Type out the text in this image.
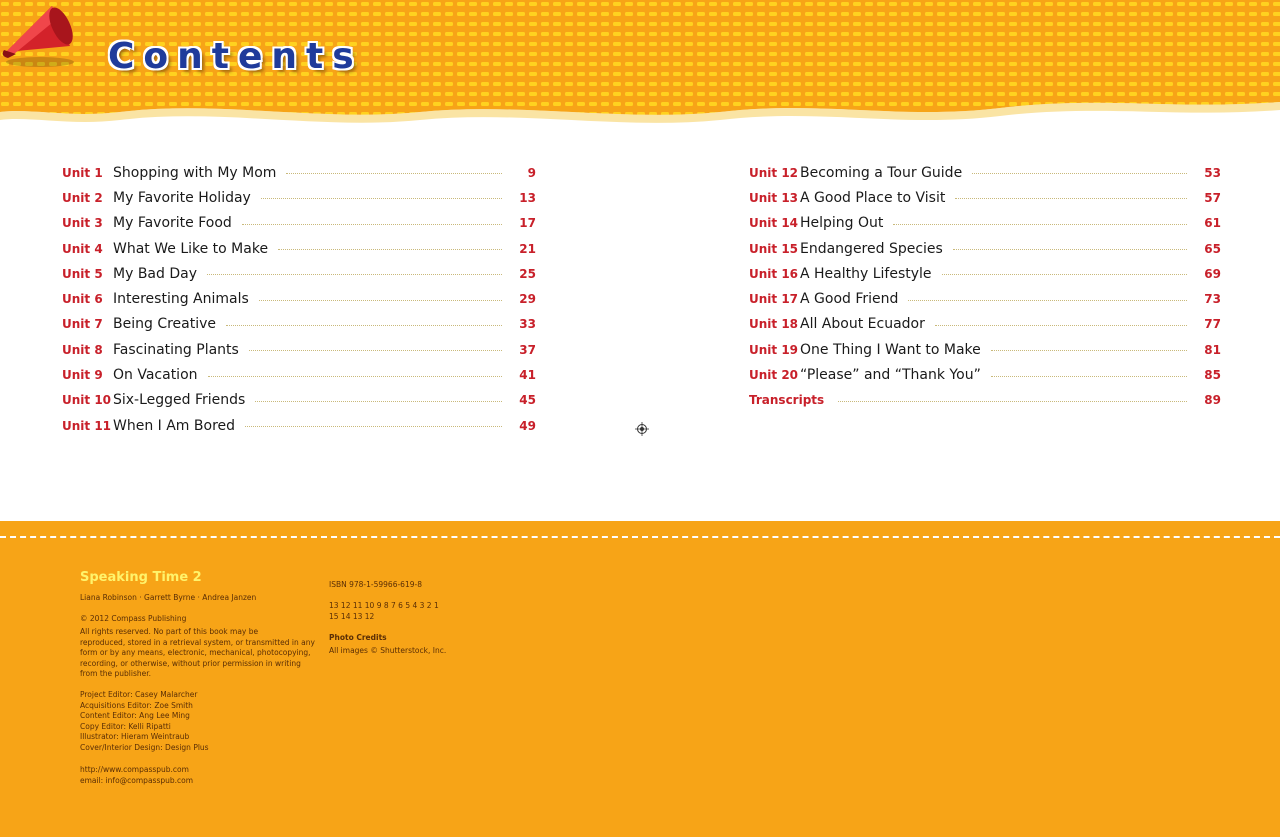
Contents
Unit 1 Shopping with My Mom	9
Unit 2 My Favorite Holiday	13
Unit 3 My Favorite Food	17
Unit 4 What We Like to Make	21
Unit 5 My Bad Day	25
Unit 6 Interesting Animals	29
Unit 7 Being Creative	33
Unit 8 Fascinating Plants	37
Unit 9 On Vacation	41
Unit 10 Six-Legged Friends	45
Unit 11 When I Am Bored	49
Unit 12 Becoming a Tour Guide	53
Unit 13 A Good Place to Visit	57
Unit 14 Helping Out	61
Unit 15 Endangered Species	65
Unit 16 A Healthy Lifestyle	69
Unit 17 A Good Friend	73
Unit 18 All About Ecuador	77
Unit 19 One Thing I Want to Make	81
Unit 20 “Please” and “Thank You”	85
Transcripts	89
Speaking Time 2
Liana Robinson · Garrett Byrne · Andrea Janzen
© 2012 Compass Publishing
All rights reserved. No part of this book may be
reproduced, stored in a retrieval system, or transmitted in any
form or by any means, electronic, mechanical, photocopying,
recording, or otherwise, without prior permission in writing
from the publisher.
Project Editor: Casey Malarcher
Acquisitions Editor: Zoe Smith
Content Editor: Ang Lee Ming
Copy Editor: Kelli Ripatti
Illustrator: Hieram Weintraub
Cover/Interior Design: Design Plus
http://www.compasspub.com
email: info@compasspub.com
ISBN 978-1-59966-619-8
13 12 11 10 9 8 7 6 5 4 3 2 1
15 14 13 12
Photo Credits
All images © Shutterstock, Inc.
